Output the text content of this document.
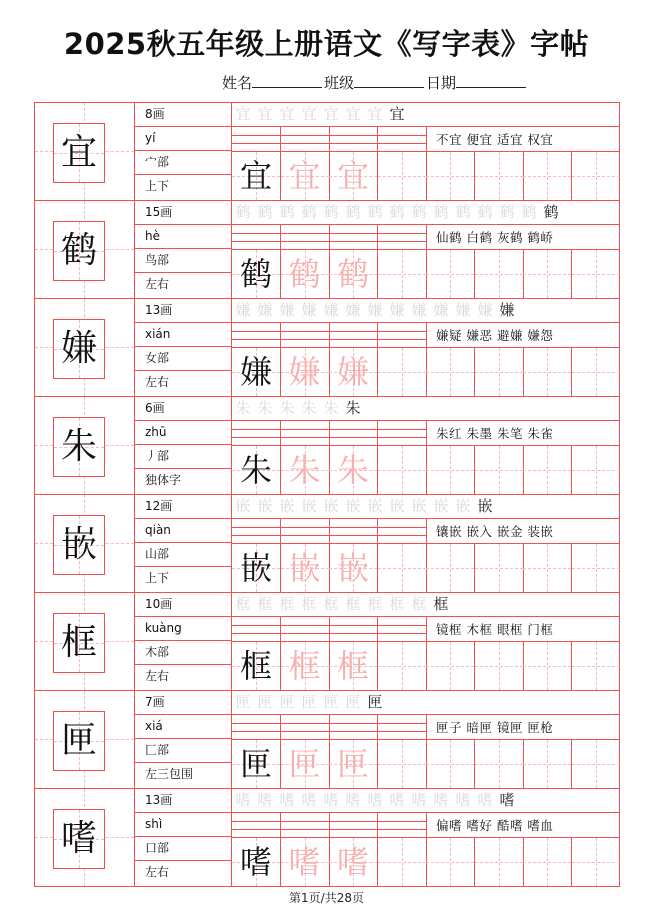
2025秋五年级上册语文《写字表》字帖
姓名	班级	日期
宜
8画
yí
宀部
上下
宜 宜 宜 宜 宜 宜 宜 宜
不宜 便宜 适宜 权宜
宜 宜 宜
鹤
15画
hè
鸟部
左右
鹤 鹤 鹤 鹤 鹤 鹤 鹤 鹤 鹤 鹤 鹤 鹤 鹤 鹤 鹤
仙鹤 白鹤 灰鹤 鹤峤
鹤 鹤 鹤
嫌
13画
xián
女部
左右
嫌 嫌 嫌 嫌 嫌 嫌 嫌 嫌 嫌 嫌 嫌 嫌 嫌
嫌疑 嫌恶 避嫌 嫌怨
嫌 嫌 嫌
朱
6画
zhū
丿部
独体字
朱 朱 朱 朱 朱 朱
朱红 朱墨 朱笔 朱雀
朱 朱 朱
嵌
12画
qiàn
山部
上下
嵌 嵌 嵌 嵌 嵌 嵌 嵌 嵌 嵌 嵌 嵌 嵌
镶嵌 嵌入 嵌金 装嵌
嵌 嵌 嵌
框
10画
kuàng
木部
左右
框 框 框 框 框 框 框 框 框 框
镜框 木框 眼框 门框
框 框 框
匣
7画
xiá
匚部
左三包围
匣 匣 匣 匣 匣 匣 匣
匣子 暗匣 镜匣 匣枪
匣 匣 匣
嗜
13画
shì
口部
左右
嗜 嗜 嗜 嗜 嗜 嗜 嗜 嗜 嗜 嗜 嗜 嗜 嗜
偏嗜 嗜好 酷嗜 嗜血
嗜 嗜 嗜
第1页/共28页
